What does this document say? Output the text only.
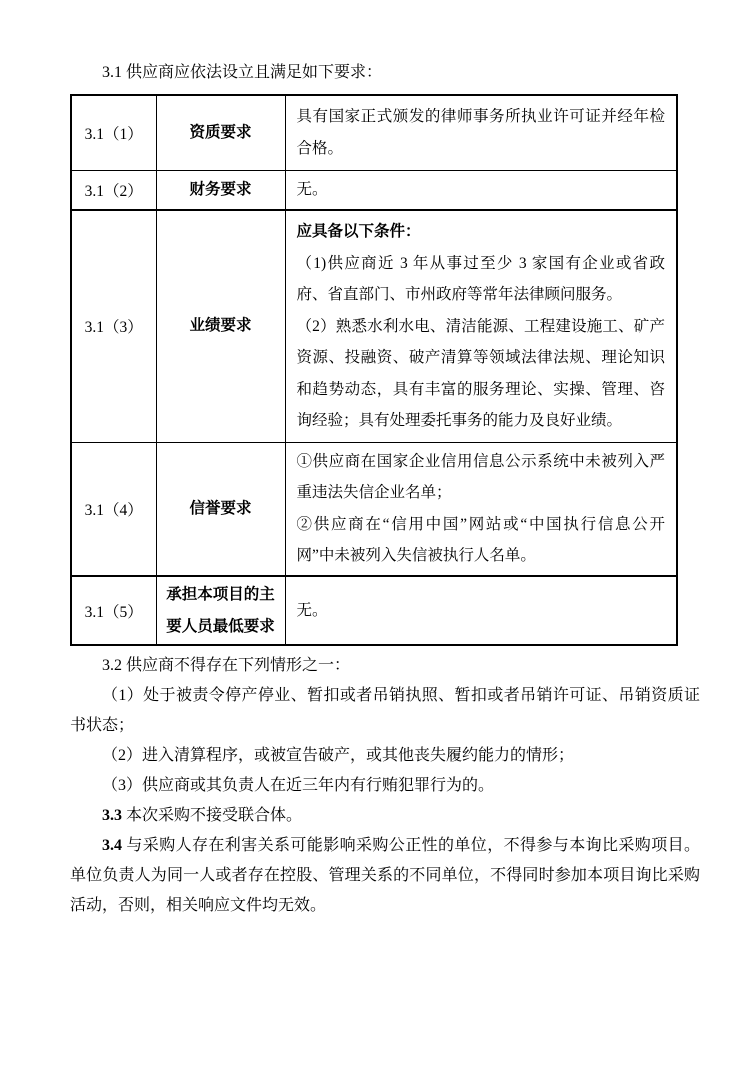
3.1 供应商应依法设立且满足如下要求：

3.1（1）	资质要求	具有国家正式颁发的律师事务所执业许可证并经年检合格。

3.1（2）	财务要求	无。

3.1（3）	业绩要求	应具备以下条件：

（1)供应商近 3 年从事过至少 3 家国有企业或省政府、省直部门、市州政府等常年法律顾问服务。

（2）熟悉水利水电、清洁能源、工程建设施工、矿产资源、投融资、破产清算等领域法律法规、理论知识和趋势动态，具有丰富的服务理论、实操、管理、咨询经验；具有处理委托事务的能力及良好业绩。

3.1（4）	信誉要求	①供应商在国家企业信用信息公示系统中未被列入严重违法失信企业名单；

②供应商在“信用中国”网站或“中国执行信息公开网”中未被列入失信被执行人名单。

3.1（5）	承担本项目的主要人员最低要求	无。

3.2 供应商不得存在下列情形之一：

（1）处于被责令停产停业、暂扣或者吊销执照、暂扣或者吊销许可证、吊销资质证书状态；

（2）进入清算程序，或被宣告破产，或其他丧失履约能力的情形；

（3）供应商或其负责人在近三年内有行贿犯罪行为的。

3.3 本次采购不接受联合体。

3.4 与采购人存在利害关系可能影响采购公正性的单位，不得参与本询比采购项目。单位负责人为同一人或者存在控股、管理关系的不同单位，不得同时参加本项目询比采购活动，否则，相关响应文件均无效。
